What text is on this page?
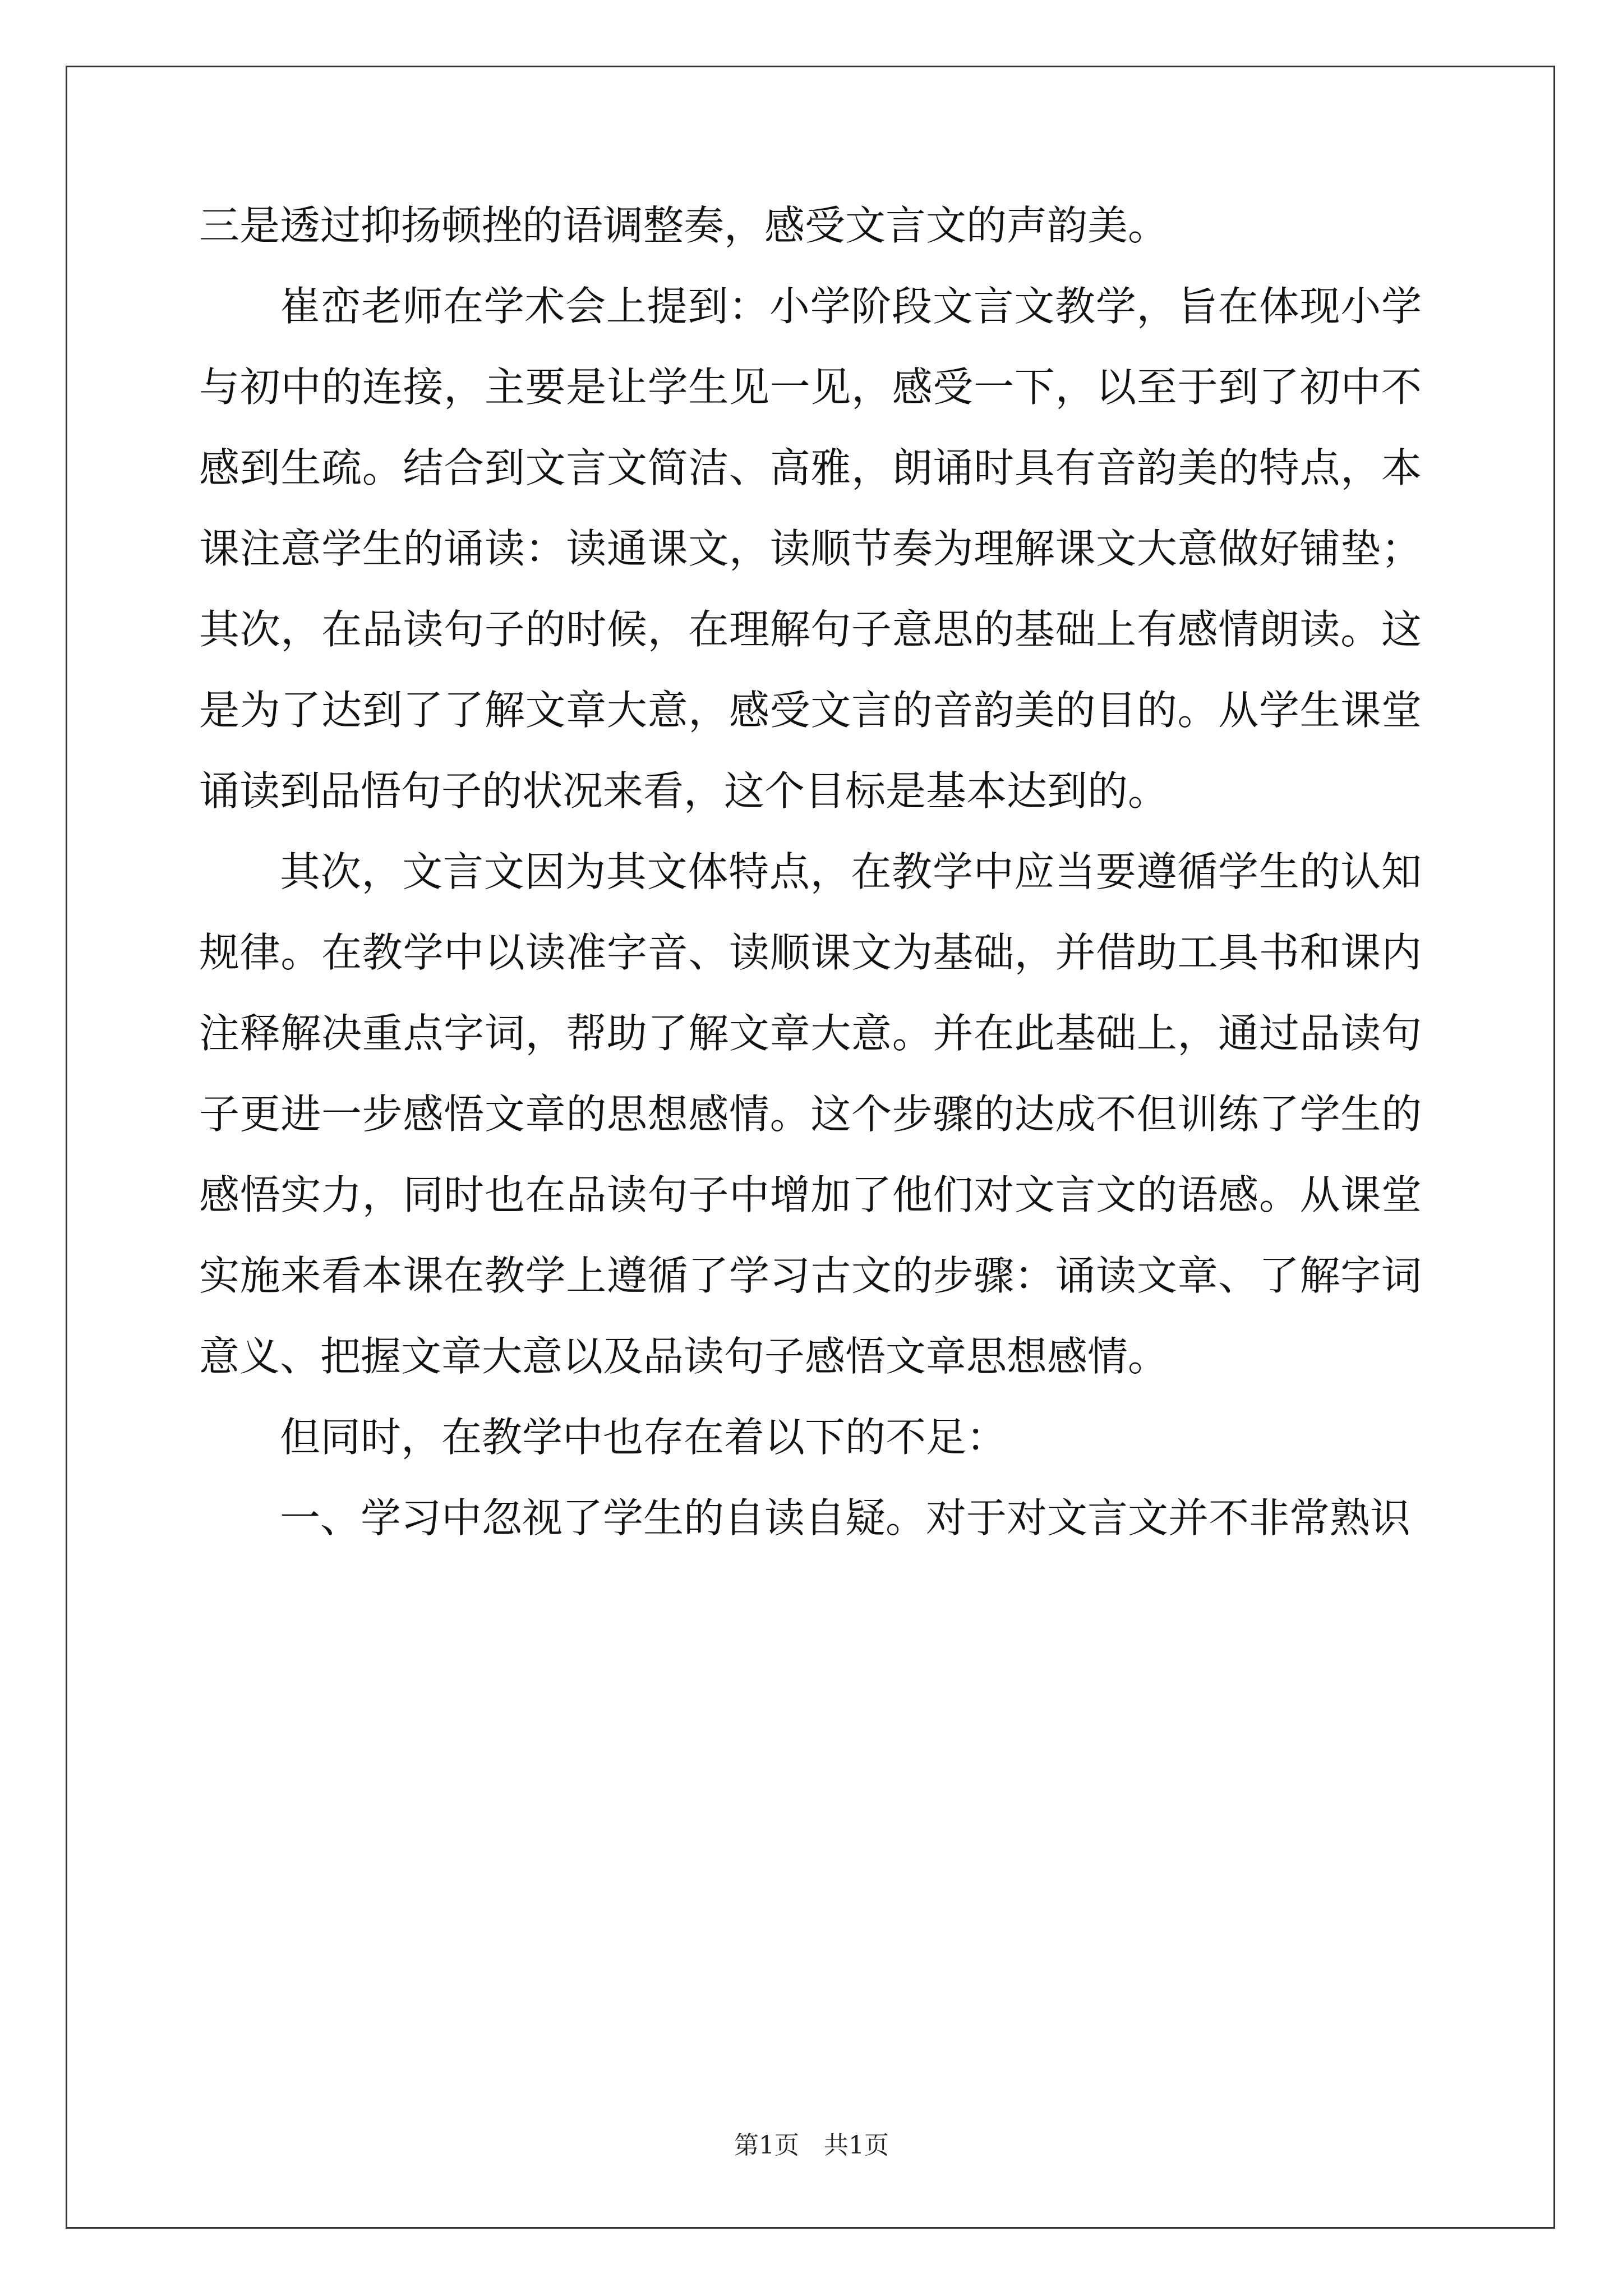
三是透过抑扬顿挫的语调整奏，感受文言文的声韵美。

崔峦老师在学术会上提到：小学阶段文言文教学，旨在体现小学与初中的连接，主要是让学生见一见，感受一下，以至于到了初中不感到生疏。结合到文言文简洁、高雅，朗诵时具有音韵美的特点，本课注意学生的诵读：读通课文，读顺节奏为理解课文大意做好铺垫；其次，在品读句子的时候，在理解句子意思的基础上有感情朗读。这是为了达到了了解文章大意，感受文言的音韵美的目的。从学生课堂诵读到品悟句子的状况来看，这个目标是基本达到的。

其次，文言文因为其文体特点，在教学中应当要遵循学生的认知规律。在教学中以读准字音、读顺课文为基础，并借助工具书和课内注释解决重点字词，帮助了解文章大意。并在此基础上，通过品读句子更进一步感悟文章的思想感情。这个步骤的达成不但训练了学生的感悟实力，同时也在品读句子中增加了他们对文言文的语感。从课堂实施来看本课在教学上遵循了学习古文的步骤：诵读文章、了解字词意义、把握文章大意以及品读句子感悟文章思想感情。

但同时，在教学中也存在着以下的不足：

一、学习中忽视了学生的自读自疑。对于对文言文并不非常熟识

第1页　共1页
